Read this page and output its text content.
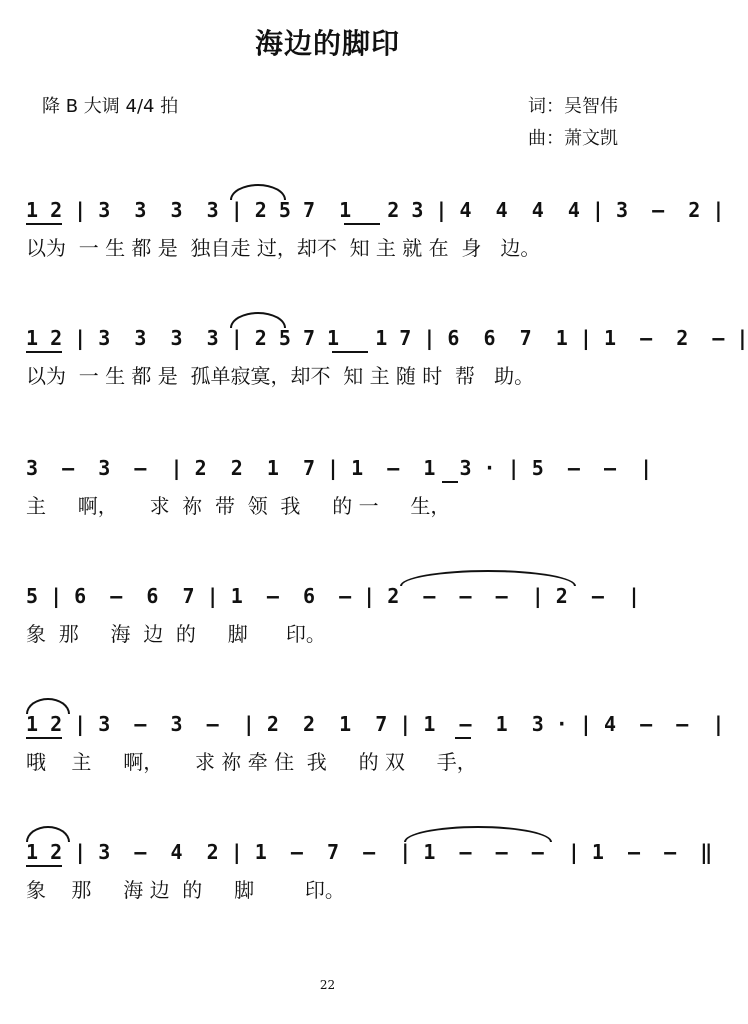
海边的脚印
降 B 大调 4/4 拍	词：吴智伟
曲：萧文凯

1 2 | 3  3  3  3 | 2 5 7  1   2 3 | 4  4  4  4 | 3  –  2 |

以为  一 生 都 是  独自走 过，却不  知 主 就 在  身   边。

1 2 | 3  3  3  3 | 2 5 7 1   1 7 | 6  6  7  1 | 1  –  2  – |

以为  一 生 都 是  孤单寂寞，却不  知 主 随 时  帮   助。

3  –  3  –  | 2  2  1  7 | 1  –  1  3 · | 5  –  –  |

主     啊，     求  祢  带  领  我     的 一     生，

5 | 6  –  6  7 | 1  –  6  – | 2  –  –  –  | 2  –  |

象  那     海  边  的     脚      印。

1 2 | 3  –  3  –  | 2  2  1  7 | 1  –  1  3 · | 4  –  –  |

哦    主     啊，     求 祢 牵 住  我     的 双     手，

1 2 | 3  –  4  2 | 1  –  7  –  | 1  –  –  –  | 1  –  –  ‖

象    那     海 边  的     脚        印。

22
